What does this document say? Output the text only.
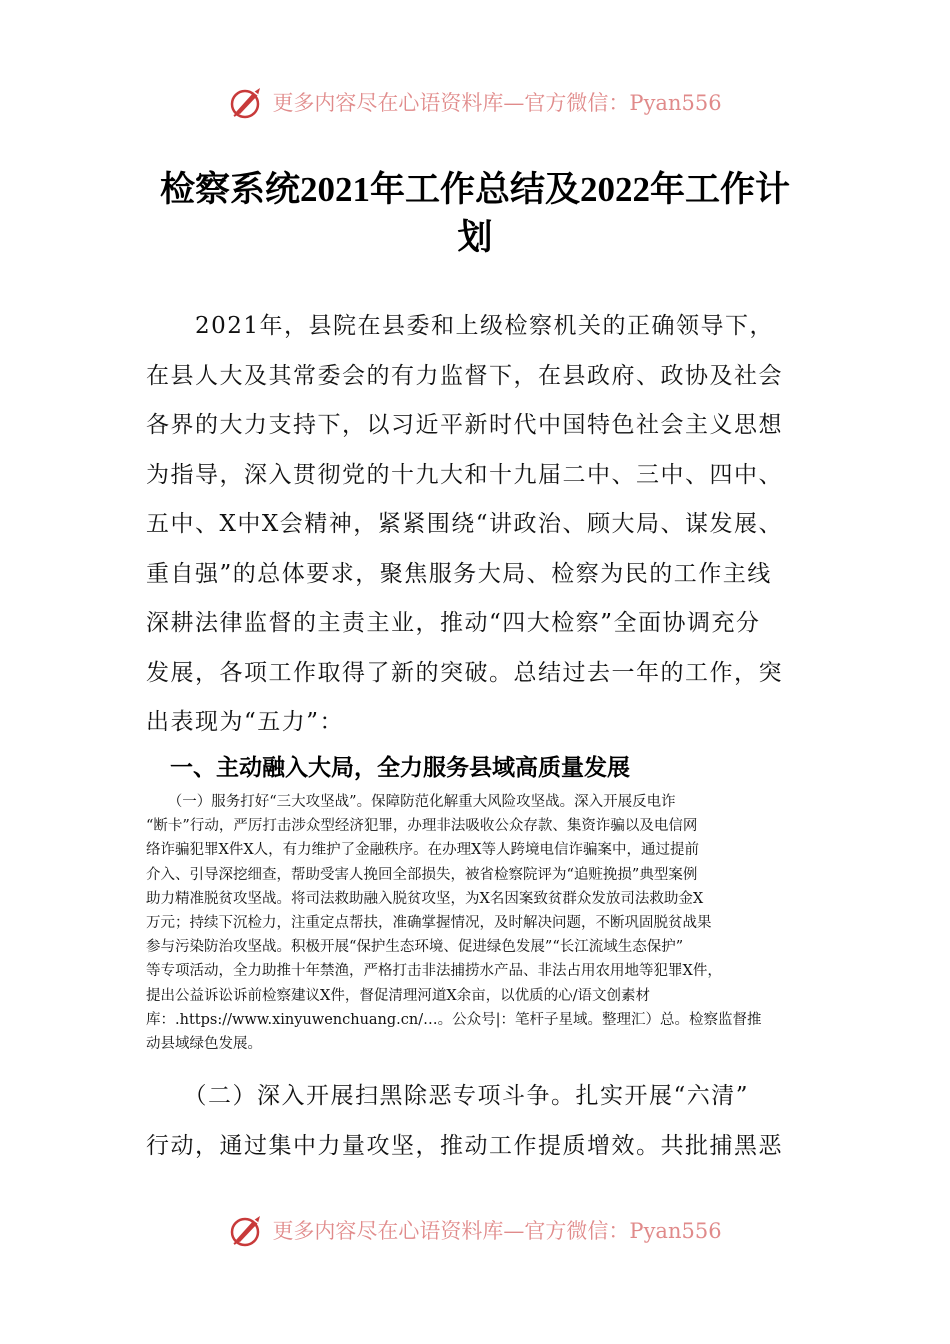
更多内容尽在心语资料库—官方微信：Pyan556
检察系统2021年工作总结及2022年工作计
划

　　2021年，县院在县委和上级检察机关的正确领导下，
在县人大及其常委会的有力监督下，在县政府、政协及社会
各界的大力支持下，以习近平新时代中国特色社会主义思想
为指导，深入贯彻党的十九大和十九届二中、三中、四中、
五中、X中X会精神，紧紧围绕“讲政治、顾大局、谋发展、
重自强”的总体要求，聚焦服务大局、检察为民的工作主线
深耕法律监督的主责主业，推动“四大检察”全面协调充分
发展，各项工作取得了新的突破。总结过去一年的工作，突
出表现为“五力”：

一、主动融入大局，全力服务县域高质量发展

　　（一）服务打好“三大攻坚战”。保障防范化解重大风险攻坚战。深入开展反电诈
“断卡”行动，严厉打击涉众型经济犯罪，办理非法吸收公众存款、集资诈骗以及电信网
络诈骗犯罪X件X人，有力维护了金融秩序。在办理X等人跨境电信诈骗案中，通过提前
介入、引导深挖细查，帮助受害人挽回全部损失，被省检察院评为“追赃挽损”典型案例
助力精准脱贫攻坚战。将司法救助融入脱贫攻坚，为X名因案致贫群众发放司法救助金X
万元；持续下沉检力，注重定点帮扶，准确掌握情况，及时解决问题，不断巩固脱贫战果
参与污染防治攻坚战。积极开展“保护生态环境、促进绿色发展”“长江流域生态保护”
等专项活动，全力助推十年禁渔，严格打击非法捕捞水产品、非法占用农用地等犯罪X件，
提出公益诉讼诉前检察建议X件，督促清理河道X余亩，以优质的心/语文创素材
库：.https://www.xinyuwenchuang.cn/…。公众号|：笔杆子星域。整理汇）总。检察监督推
动县域绿色发展。

　　（二）深入开展扫黑除恶专项斗争。扎实开展“六清”
行动，通过集中力量攻坚，推动工作提质增效。共批捕黑恶

更多内容尽在心语资料库—官方微信：Pyan556
